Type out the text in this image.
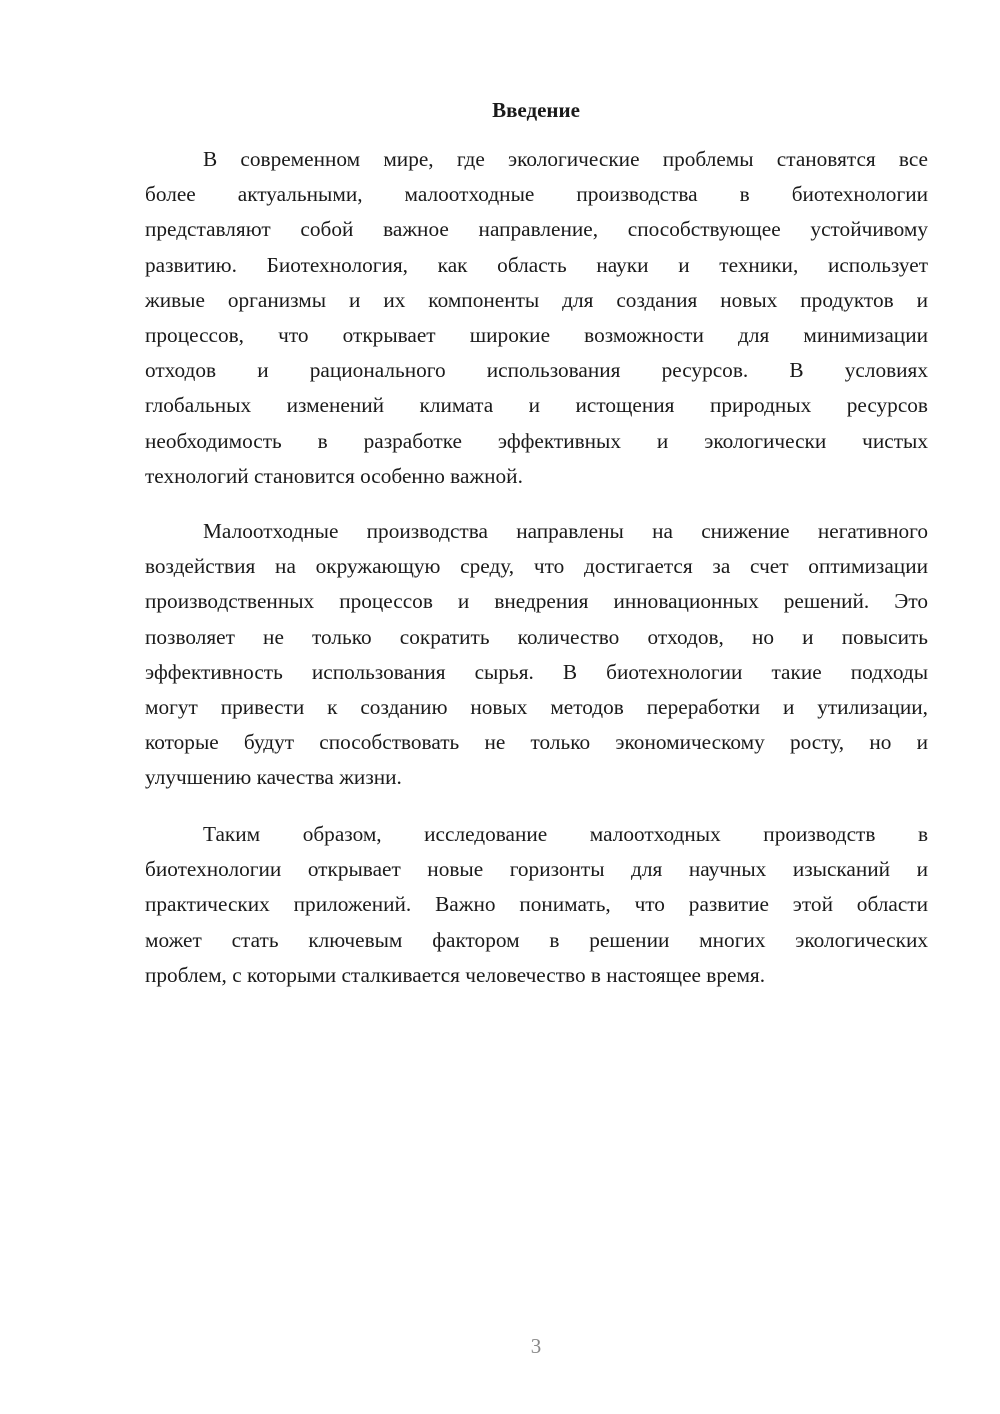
Введение
В современном мире, где экологические проблемы становятся все
более актуальными, малоотходные производства в биотехнологии
представляют собой важное направление, способствующее устойчивому
развитию. Биотехнология, как область науки и техники, использует
живые организмы и их компоненты для создания новых продуктов и
процессов, что открывает широкие возможности для минимизации
отходов и рационального использования ресурсов. В условиях
глобальных изменений климата и истощения природных ресурсов
необходимость в разработке эффективных и экологически чистых
технологий становится особенно важной.
Малоотходные производства направлены на снижение негативного
воздействия на окружающую среду, что достигается за счет оптимизации
производственных процессов и внедрения инновационных решений. Это
позволяет не только сократить количество отходов, но и повысить
эффективность использования сырья. В биотехнологии такие подходы
могут привести к созданию новых методов переработки и утилизации,
которые будут способствовать не только экономическому росту, но и
улучшению качества жизни.
Таким образом, исследование малоотходных производств в
биотехнологии открывает новые горизонты для научных изысканий и
практических приложений. Важно понимать, что развитие этой области
может стать ключевым фактором в решении многих экологических
проблем, с которыми сталкивается человечество в настоящее время.
3
